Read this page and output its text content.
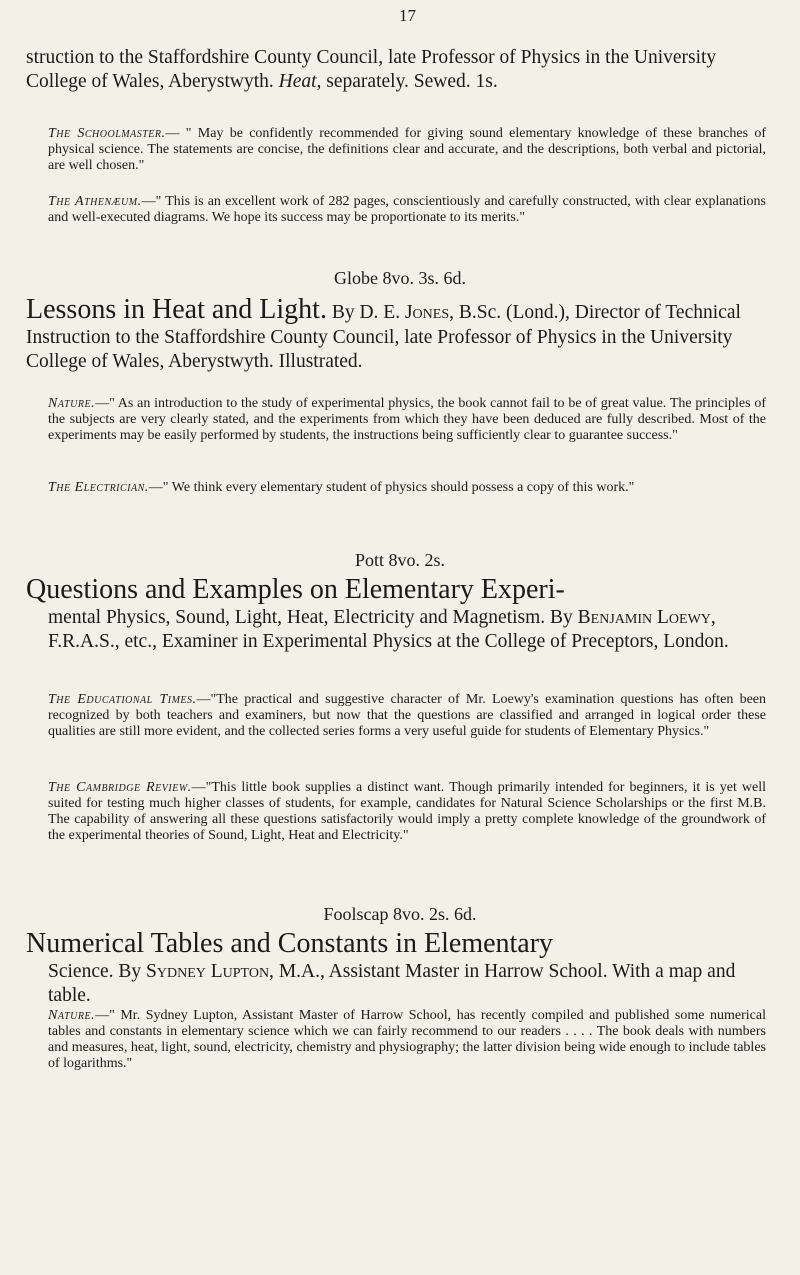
17

struction to the Staffordshire County Council, late Professor of Physics in the University College of Wales, Aberystwyth. Heat, separately. Sewed. 1s.

The Schoolmaster.— " May be confidently recommended for giving sound elementary knowledge of these branches of physical science. The statements are concise, the definitions clear and accurate, and the descriptions, both verbal and pictorial, are well chosen."

The Athenæum.—" This is an excellent work of 282 pages, conscientiously and carefully constructed, with clear explanations and well-executed diagrams. We hope its success may be proportionate to its merits."

Globe 8vo. 3s. 6d.

Lessons in Heat and Light. By D. E. Jones, B.Sc. (Lond.), Director of Technical Instruction to the Staffordshire County Council, late Professor of Physics in the University College of Wales, Aberystwyth. Illustrated.

Nature.—" As an introduction to the study of experimental physics, the book cannot fail to be of great value. The principles of the subjects are very clearly stated, and the experiments from which they have been deduced are fully described. Most of the experiments may be easily performed by students, the instructions being sufficiently clear to guarantee success."

The Electrician.—" We think every elementary student of physics should possess a copy of this work."

Pott 8vo. 2s.

Questions and Examples on Elementary Experi-
mental Physics, Sound, Light, Heat, Electricity and Magnetism. By Benjamin Loewy, F.R.A.S., etc., Examiner in Experimental Physics at the College of Preceptors, London.

The Educational Times.—"The practical and suggestive character of Mr. Loewy's examination questions has often been recognized by both teachers and examiners, but now that the questions are classified and arranged in logical order these qualities are still more evident, and the collected series forms a very useful guide for students of Elementary Physics."

The Cambridge Review.—"This little book supplies a distinct want. Though primarily intended for beginners, it is yet well suited for testing much higher classes of students, for example, candidates for Natural Science Scholarships or the first M.B. The capability of answering all these questions satisfactorily would imply a pretty complete knowledge of the groundwork of the experimental theories of Sound, Light, Heat and Electricity."

Foolscap 8vo. 2s. 6d.

Numerical Tables and Constants in Elementary
Science. By Sydney Lupton, M.A., Assistant Master in Harrow School. With a map and table.

Nature.—" Mr. Sydney Lupton, Assistant Master of Harrow School, has recently compiled and published some numerical tables and constants in elementary science which we can fairly recommend to our readers . . . . The book deals with numbers and measures, heat, light, sound, electricity, chemistry and physiography; the latter division being wide enough to include tables of logarithms."
